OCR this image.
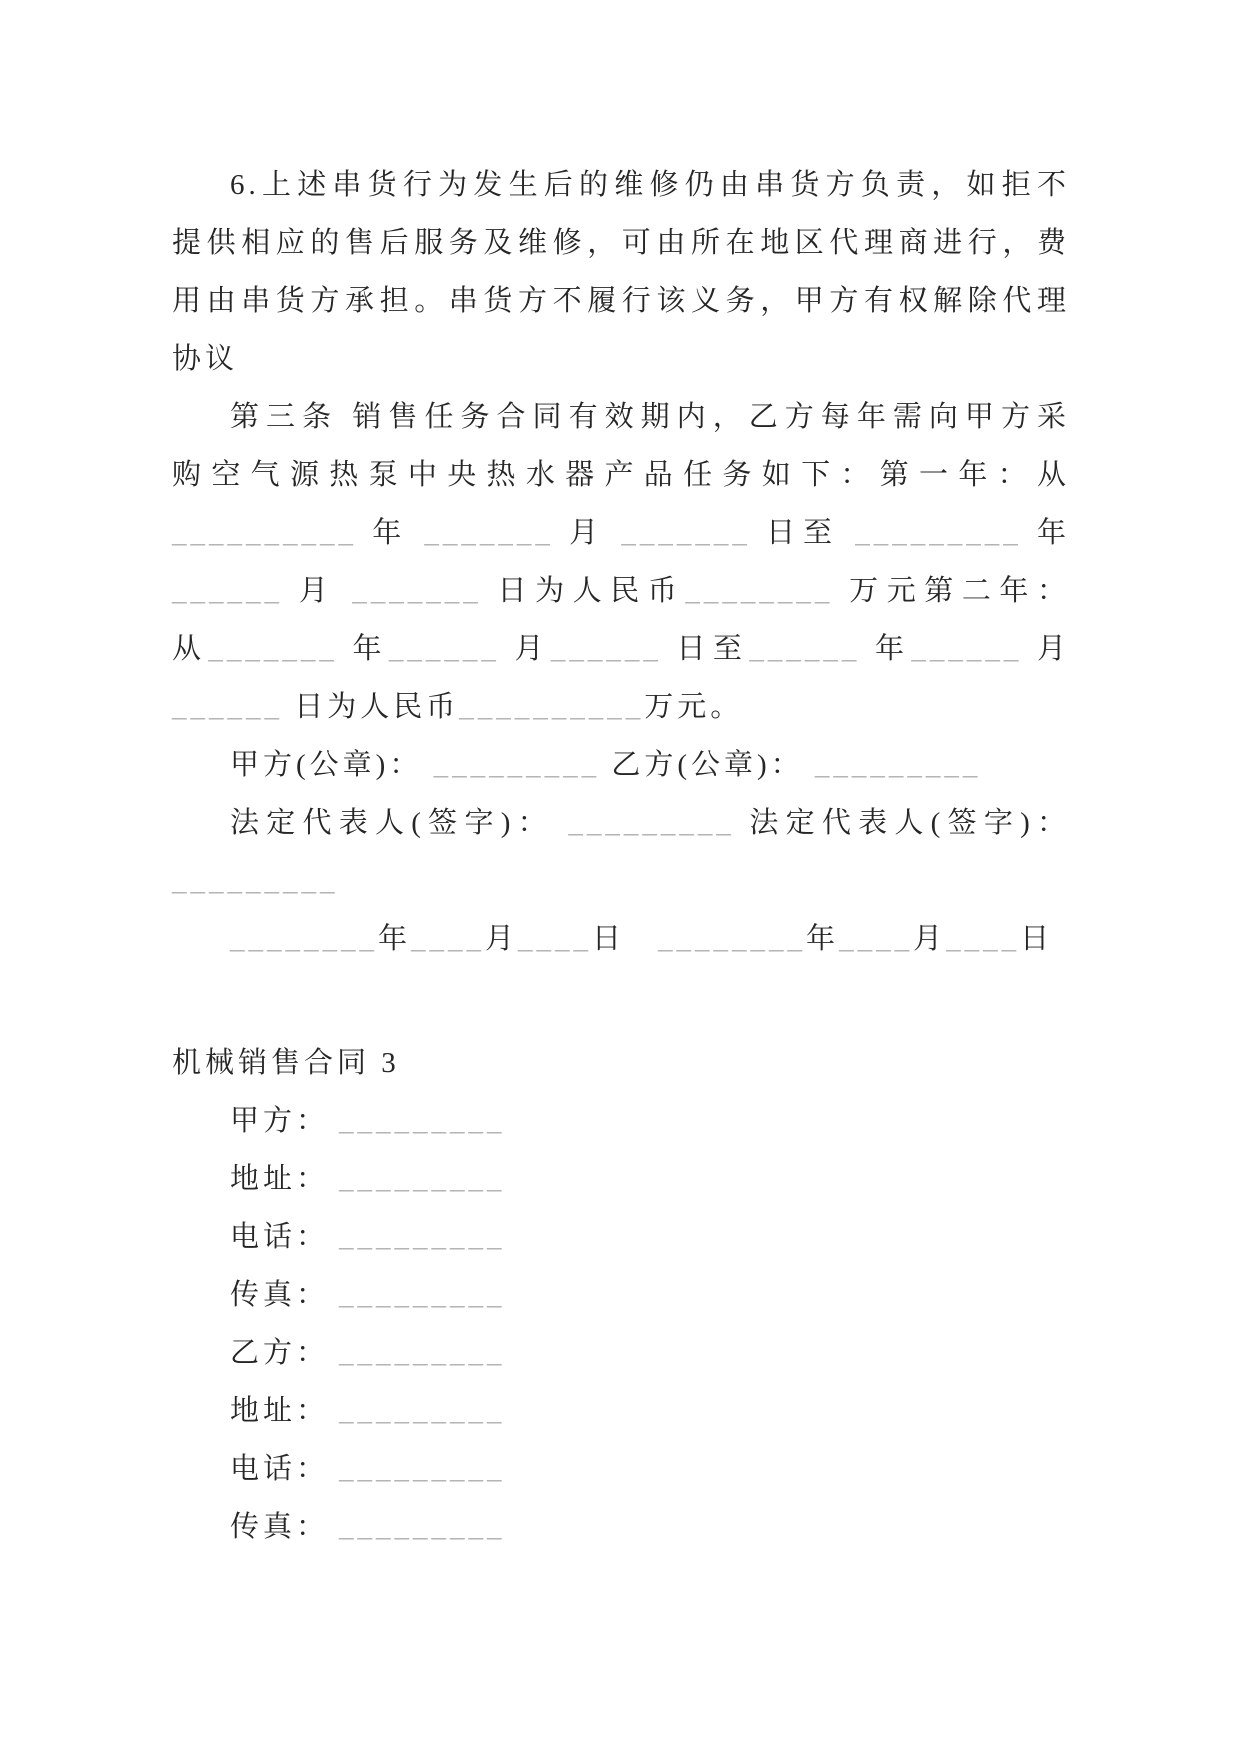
6.上述串货行为发生后的维修仍由串货方负责，如拒不
提供相应的售后服务及维修，可由所在地区代理商进行，费
用由串货方承担。串货方不履行该义务，甲方有权解除代理
协议
第三条 销售任务合同有效期内，乙方每年需向甲方采
购空气源热泵中央热水器产品任务如下：第一年：从
__________ 年 _______ 月 _______ 日至 _________ 年
______ 月 _______ 日为人民币________ 万元第二年：
从_______ 年______ 月______ 日至______ 年______ 月
______ 日为人民币__________万元。
甲方(公章)： _________ 乙方(公章)： _________
法定代表人(签字)： _________ 法定代表人(签字)：
_________
________年____月____日　________年____月____日
机械销售合同 3
甲方： _________
地址： _________
电话： _________
传真： _________
乙方： _________
地址： _________
电话： _________
传真： _________
